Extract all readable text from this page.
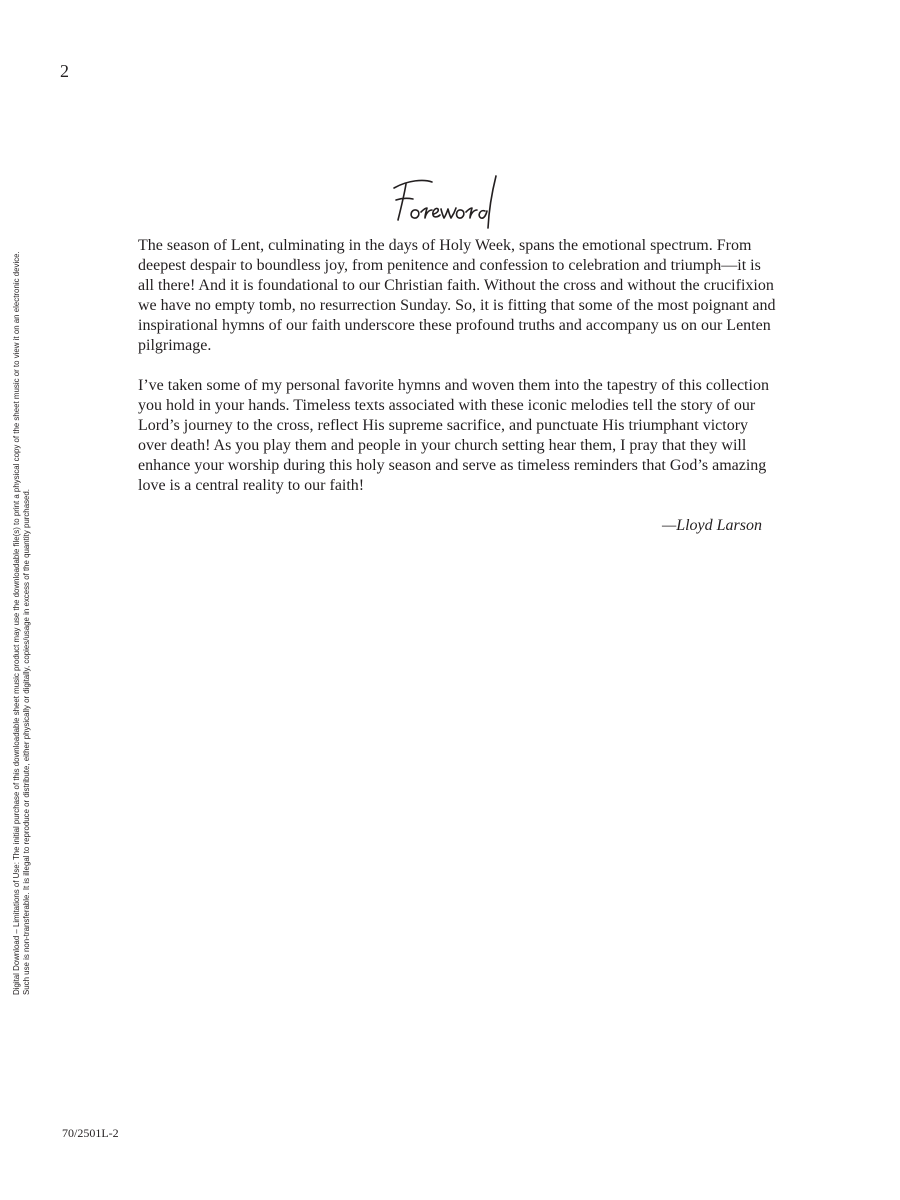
2
Digital Download – Limitations of Use: The initial purchase of this downloadable sheet music product may use the downloadable file(s) to print a physical copy of the sheet music or to view it on an electronic device. Such use is non-transferable. It is illegal to reproduce or distribute, either physically or digitally, copies/usage in excess of the quantity purchased.

The season of Lent, culminating in the days of Holy Week, spans the emotional spectrum. From deepest despair to boundless joy, from penitence and confession to celebration and triumph—it is all there! And it is foundational to our Christian faith. Without the cross and without the crucifixion we have no empty tomb, no resurrection Sunday. So, it is fitting that some of the most poignant and inspirational hymns of our faith underscore these profound truths and accompany us on our Lenten pilgrimage.

I’ve taken some of my personal favorite hymns and woven them into the tapestry of this collection you hold in your hands. Timeless texts associated with these iconic melodies tell the story of our Lord’s journey to the cross, reflect His supreme sacrifice, and punctuate His triumphant victory over death! As you play them and people in your church setting hear them, I pray that they will enhance your worship during this holy season and serve as timeless reminders that God’s amazing love is a central reality to our faith!

—Lloyd Larson
70/2501L-2
